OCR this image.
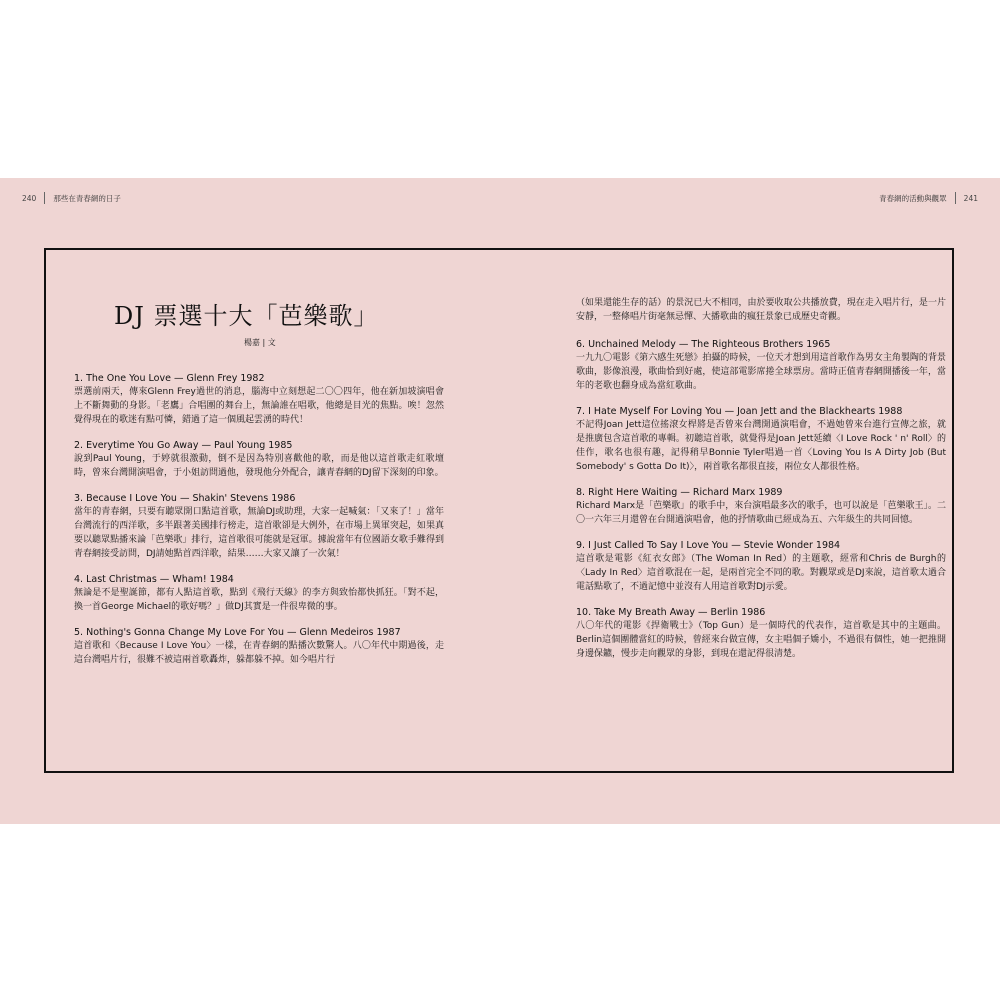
240 那些在青春網的日子	青春網的活動與觀眾 241
DJ 票選十大「芭樂歌」
楊嘉 | 文
1. The One You Love — Glenn Frey 1982
票選前兩天，傳來Glenn Frey過世的消息，腦海中立刻想起二〇〇四年，他在新加坡演唱會上不斷舞動的身影。「老鷹」合唱團的舞台上，無論誰在唱歌，他總是目光的焦點。唉！忽然覺得現在的歌迷有點可憐，錯過了這一個風起雲湧的時代！
2. Everytime You Go Away — Paul Young 1985
說到Paul Young，于婷就很激動，倒不是因為特別喜歡他的歌，而是他以這首歌走紅歌壇時，曾來台灣開演唱會，于小姐訪問過他，發現他分外配合，讓青春網的DJ留下深刻的印象。
3. Because I Love You — Shakin' Stevens 1986
當年的青春網，只要有聽眾開口點這首歌，無論DJ或助理，大家一起喊氣：「又來了！」當年台灣流行的西洋歌，多半跟著美國排行榜走，這首歌卻是大例外，在市場上異軍突起，如果真要以聽眾點播來論「芭樂歌」排行，這首歌很可能就是冠軍。據說當年有位國語女歌手難得到青春網接受訪問，DJ請她點首西洋歌，結果……大家又讓了一次氣！
4. Last Christmas — Wham! 1984
無論是不是聖誕節，都有人點這首歌，點到《飛行天線》的李方與致怡都快抓狂。「對不起，換一首George Michael的歌好嗎？」做DJ其實是一件很卑微的事。
5. Nothing's Gonna Change My Love For You — Glenn Medeiros 1987
這首歌和〈Because I Love You〉一樣，在青春網的點播次數驚人。八〇年代中期過後，走這台灣唱片行，很難不被這兩首歌轟炸，躲都躲不掉。如今唱片行
（如果還能生存的話）的景況已大不相同，由於要收取公共播放費，現在走入唱片行，是一片安靜，一整條唱片街毫無忌憚、大播歌曲的瘋狂景象已成歷史奇觀。
6. Unchained Melody — The Righteous Brothers 1965
一九九〇電影《第六感生死戀》拍攝的時候，一位天才想到用這首歌作為男女主角製陶的背景歌曲，影像浪漫，歌曲恰到好處，使這部電影席捲全球票房。當時正值青春網開播後一年，當年的老歌也翻身成為當紅歌曲。
7. I Hate Myself For Loving You — Joan Jett and the Blackhearts 1988
不記得Joan Jett這位搖滾女桿將是否曾來台灣開過演唱會，不過她曾來台進行宣傳之旅，就是推廣包含這首歌的專輯。初聽這首歌，就覺得是Joan Jett延續〈I Love Rock ' n' Roll〉的佳作，歌名也很有趣，記得稍早Bonnie Tyler唱過一首〈Loving You Is A Dirty Job (But Somebody' s Gotta Do It)〉，兩首歌名都很直接，兩位女人都很性格。
8. Right Here Waiting — Richard Marx 1989
Richard Marx是「芭樂歌」的歌手中，來台演唱最多次的歌手，也可以說是「芭樂歌王」。二〇一六年三月還曾在台開過演唱會，他的抒情歌曲已經成為五、六年級生的共同回憶。
9. I Just Called To Say I Love You — Stevie Wonder 1984
這首歌是電影《紅衣女郎》（The Woman In Red）的主題歌，經常和Chris de Burgh的〈Lady In Red〉這首歌混在一起，是兩首完全不同的歌。對觀眾或是DJ來說，這首歌太過合電話點歌了，不過記憶中並沒有人用這首歌對DJ示愛。
10. Take My Breath Away — Berlin 1986
八〇年代的電影《捍衛戰士》（Top Gun）是一個時代的代表作，這首歌是其中的主題曲。Berlin這個團體當紅的時候，曾經來台做宣傳，女主唱個子嬌小，不過很有個性，她一把推開身邊保鑣，慢步走向觀眾的身影，到現在還記得很清楚。
